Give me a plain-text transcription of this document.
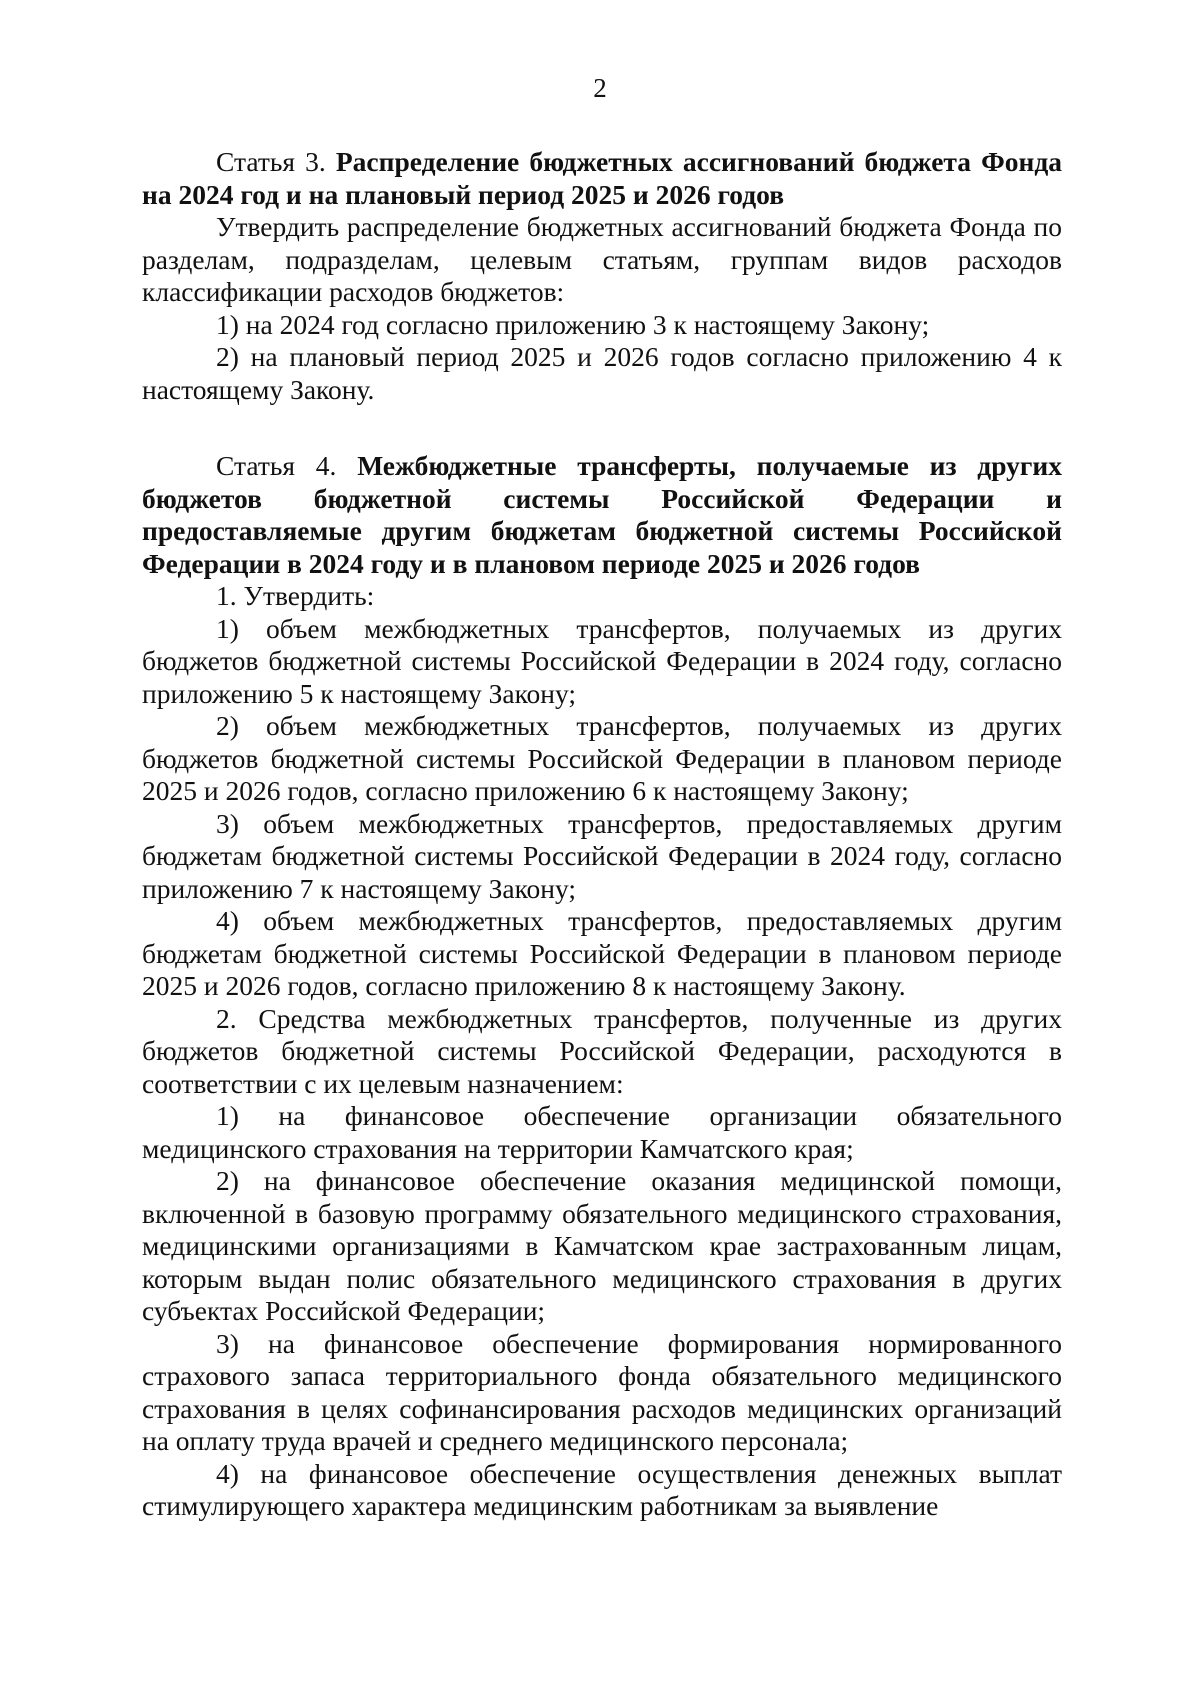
2

Статья 3. Распределение бюджетных ассигнований бюджета Фонда на 2024 год и на плановый период 2025 и 2026 годов

Утвердить распределение бюджетных ассигнований бюджета Фонда по разделам, подразделам, целевым статьям, группам видов расходов классификации расходов бюджетов:

1) на 2024 год согласно приложению 3 к настоящему Закону;

2) на плановый период 2025 и 2026 годов согласно приложению 4 к настоящему Закону.

Статья 4. Межбюджетные трансферты, получаемые из других бюджетов бюджетной системы Российской Федерации и предоставляемые другим бюджетам бюджетной системы Российской Федерации в 2024 году и в плановом периоде 2025 и 2026 годов

1. Утвердить:

1) объем межбюджетных трансфертов, получаемых из других бюджетов бюджетной системы Российской Федерации в 2024 году, согласно приложению 5 к настоящему Закону;

2) объем межбюджетных трансфертов, получаемых из других бюджетов бюджетной системы Российской Федерации в плановом периоде 2025 и 2026 годов, согласно приложению 6 к настоящему Закону;

3) объем межбюджетных трансфертов, предоставляемых другим бюджетам бюджетной системы Российской Федерации в 2024 году, согласно приложению 7 к настоящему Закону;

4) объем межбюджетных трансфертов, предоставляемых другим бюджетам бюджетной системы Российской Федерации в плановом периоде 2025 и 2026 годов, согласно приложению 8 к настоящему Закону.

2. Средства межбюджетных трансфертов, полученные из других бюджетов бюджетной системы Российской Федерации, расходуются в соответствии с их целевым назначением:

1) на финансовое обеспечение организации обязательного медицинского страхования на территории Камчатского края;

2) на финансовое обеспечение оказания медицинской помощи, включенной в базовую программу обязательного медицинского страхования, медицинскими организациями в Камчатском крае застрахованным лицам, которым выдан полис обязательного медицинского страхования в других субъектах Российской Федерации;

3) на финансовое обеспечение формирования нормированного страхового запаса территориального фонда обязательного медицинского страхования в целях софинансирования расходов медицинских организаций на оплату труда врачей и среднего медицинского персонала;

4) на финансовое обеспечение осуществления денежных выплат стимулирующего характера медицинским работникам за выявление
